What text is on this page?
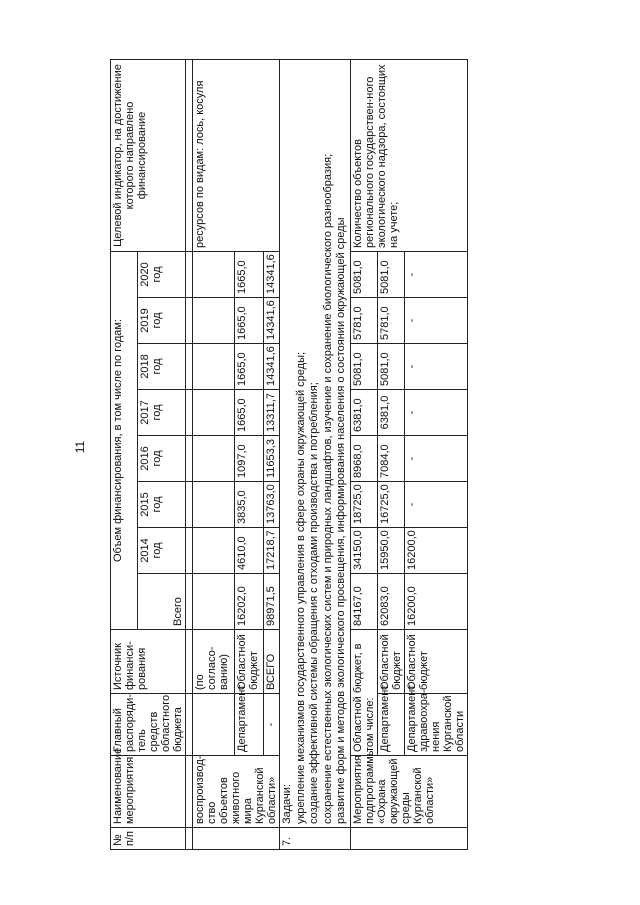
11
№ п/п	Наименование мероприятия	Главный распоряди-тель средств областного бюджета	Источник финанси-рования	Объем финансирования, в том числе по годам:								Целевой индикатор, на достижение которого направлено финансирование
				Всего	2014 год	2015 год	2016 год	2017 год	2018 год	2019 год	2020 год	

	воспроизвод-ство объектов животного мира Курганской области»		(по согласо-ванию)									ресурсов по видам: лось, косуля
		Департамент	Областной бюджет	16202,0	4610,0	3835,0	1097,0	1665,0	1665,0	1665,0	1665,0	
		-	ВСЕГО	98971,5	17218,7	13763,0	11653,3	13311,7	14341,6	14341,6	14341,6	
7.	Задачи: укрепление механизмов государственного управления в сфере охраны окружающей среды; создание эффективной системы обращения с отходами производства и потребления; сохранение естественных экологических систем и природных ландшафтов, изучение и сохранение биологического разнообразия; развитие форм и методов экологического просвещения, информирования населения о состоянии окружающей среды											

	Мероприятия подпрограммы «Охрана окружающей среды Курганской области»	Областной бюджет, в том числе:		84167,0	34150,0	18725,0	8968,0	6381,0	5081,0	5781,0	5081,0	Количество объектов регионального государствен-ного экологического надзора, состоящих на учете;
		Департамент	Областной бюджет	62083,0	15950,0	16725,0	7084,0	6381,0	5081,0	5781,0	5081,0	
		Департамент здравоохра-нения Курганской области	Областной бюджет	16200,0	16200,0	-	-	-	-	-	-	
